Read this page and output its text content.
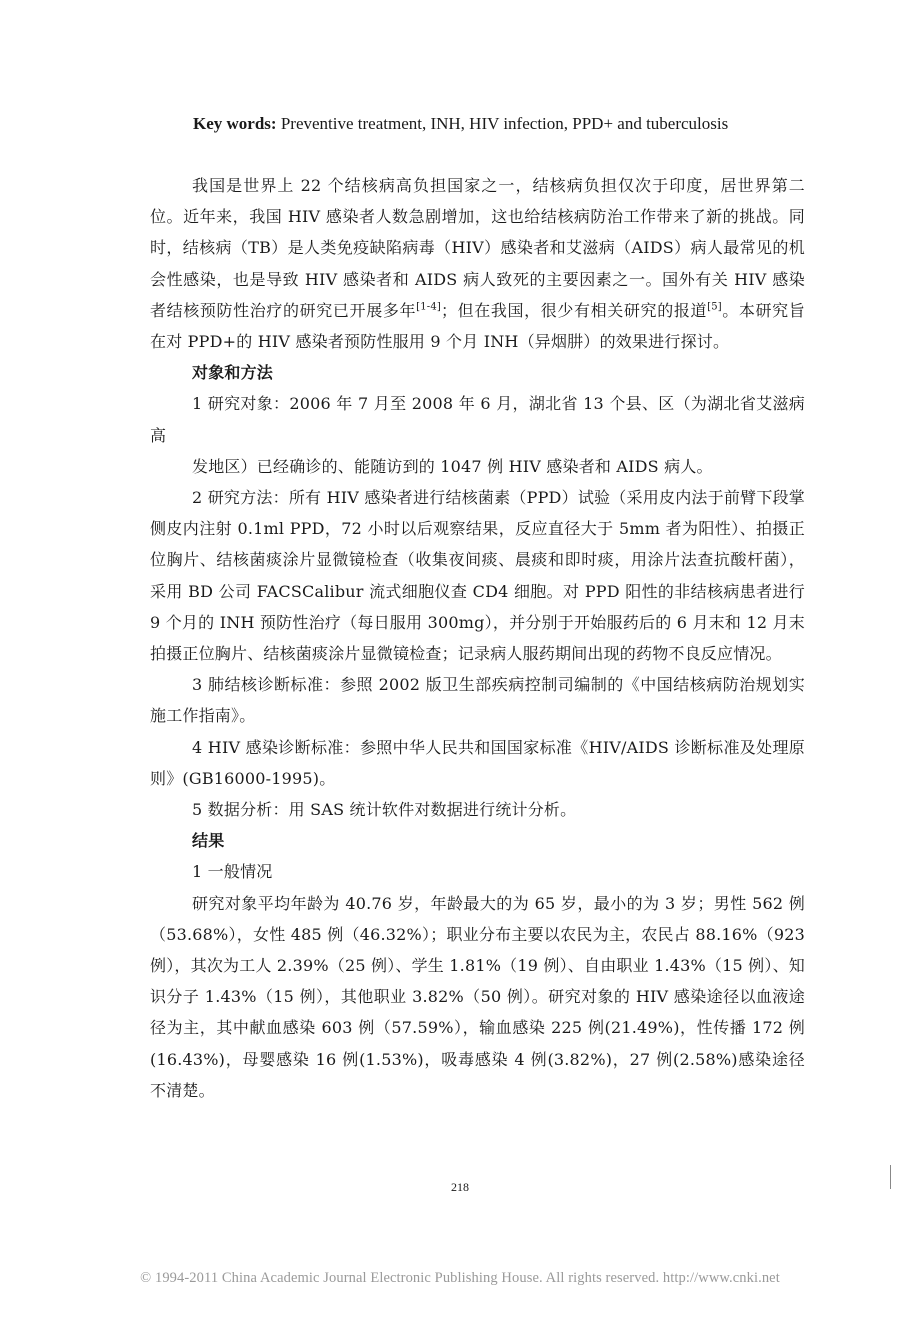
Key words: Preventive treatment, INH, HIV infection, PPD+ and tuberculosis

我国是世界上 22 个结核病高负担国家之一，结核病负担仅次于印度，居世界第二位。近年来，我国 HIV 感染者人数急剧增加，这也给结核病防治工作带来了新的挑战。同时，结核病（TB）是人类免疫缺陷病毒（HIV）感染者和艾滋病（AIDS）病人最常见的机会性感染，也是导致 HIV 感染者和 AIDS 病人致死的主要因素之一。国外有关 HIV 感染者结核预防性治疗的研究已开展多年[1-4]；但在我国，很少有相关研究的报道[5]。本研究旨在对 PPD+的 HIV 感染者预防性服用 9 个月 INH（异烟肼）的效果进行探讨。

对象和方法

1 研究对象：2006 年 7 月至 2008 年 6 月，湖北省 13 个县、区（为湖北省艾滋病高

发地区）已经确诊的、能随访到的 1047 例 HIV 感染者和 AIDS 病人。

2 研究方法：所有 HIV 感染者进行结核菌素（PPD）试验（采用皮内法于前臂下段掌侧皮内注射 0.1ml PPD，72 小时以后观察结果，反应直径大于 5mm 者为阳性）、拍摄正位胸片、结核菌痰涂片显微镜检查（收集夜间痰、晨痰和即时痰，用涂片法查抗酸杆菌），采用 BD 公司 FACSCalibur 流式细胞仪查 CD4 细胞。对 PPD 阳性的非结核病患者进行 9 个月的 INH 预防性治疗（每日服用 300mg），并分别于开始服药后的 6 月末和 12 月末拍摄正位胸片、结核菌痰涂片显微镜检查；记录病人服药期间出现的药物不良反应情况。

3 肺结核诊断标准：参照 2002 版卫生部疾病控制司编制的《中国结核病防治规划实施工作指南》。

4 HIV 感染诊断标准：参照中华人民共和国国家标准《HIV/AIDS 诊断标准及处理原则》(GB16000-1995)。

5 数据分析：用 SAS 统计软件对数据进行统计分析。

结果

1 一般情况

研究对象平均年龄为 40.76 岁，年龄最大的为 65 岁，最小的为 3 岁；男性 562 例（53.68%），女性 485 例（46.32%）；职业分布主要以农民为主，农民占 88.16%（923 例），其次为工人 2.39%（25 例）、学生 1.81%（19 例）、自由职业 1.43%（15 例）、知识分子 1.43%（15 例），其他职业 3.82%（50 例）。研究对象的 HIV 感染途径以血液途径为主，其中献血感染 603 例（57.59%），输血感染 225 例(21.49%)，性传播 172 例(16.43%)，母婴感染 16 例(1.53%)，吸毒感染 4 例(3.82%)，27 例(2.58%)感染途径不清楚。

218
© 1994-2011 China Academic Journal Electronic Publishing House. All rights reserved. http://www.cnki.net
